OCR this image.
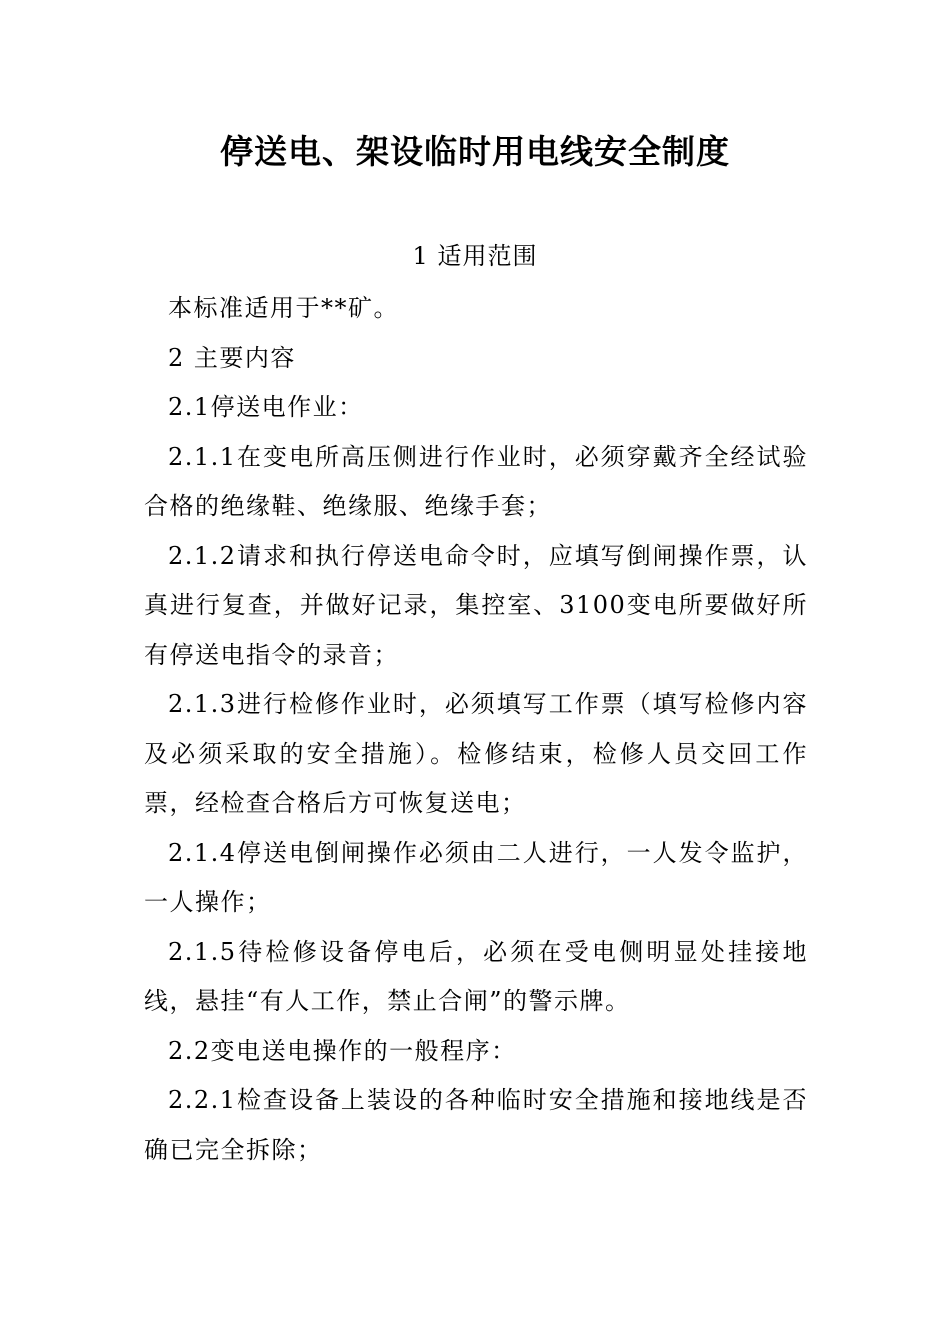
停送电、架设临时用电线安全制度
1 适用范围

本标准适用于**矿。

2 主要内容

2.1停送电作业：

2.1.1在变电所高压侧进行作业时，必须穿戴齐全经试验合格的绝缘鞋、绝缘服、绝缘手套；

2.1.2请求和执行停送电命令时，应填写倒闸操作票，认真进行复查，并做好记录，集控室、3100变电所要做好所有停送电指令的录音；

2.1.3进行检修作业时，必须填写工作票（填写检修内容及必须采取的安全措施）。检修结束，检修人员交回工作票，经检查合格后方可恢复送电；

2.1.4停送电倒闸操作必须由二人进行，一人发令监护，一人操作；

2.1.5待检修设备停电后，必须在受电侧明显处挂接地线，悬挂“有人工作，禁止合闸”的警示牌。

2.2变电送电操作的一般程序：

2.2.1检查设备上装设的各种临时安全措施和接地线是否确已完全拆除；
